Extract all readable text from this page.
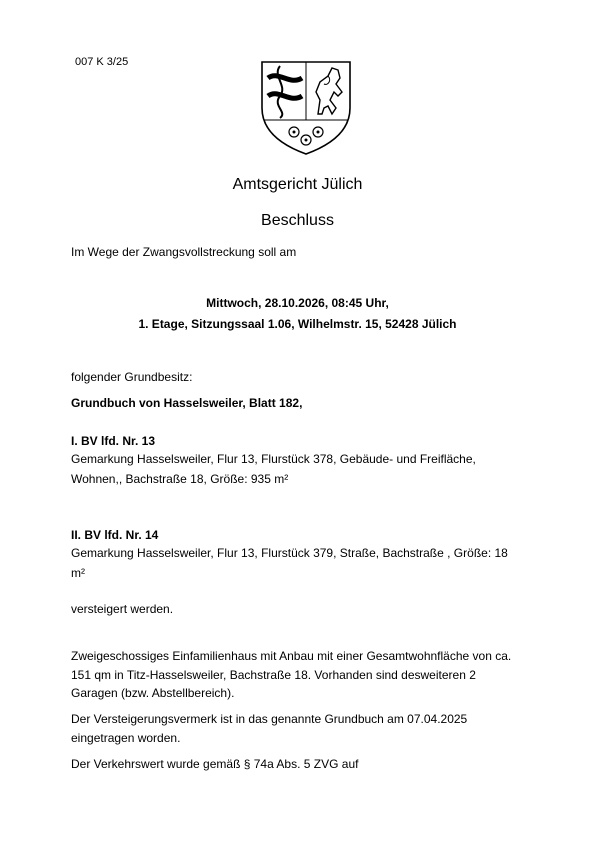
007 K 3/25
Amtsgericht Jülich
Beschluss
Im Wege der Zwangsvollstreckung soll am
Mittwoch, 28.10.2026, 08:45 Uhr,
1. Etage, Sitzungssaal 1.06, Wilhelmstr. 15, 52428 Jülich
folgender Grundbesitz:
Grundbuch von Hasselsweiler, Blatt 182,
I. BV lfd. Nr. 13
Gemarkung Hasselsweiler, Flur 13, Flurstück 378, Gebäude- und Freifläche,
Wohnen,, Bachstraße 18, Größe: 935 m²
II. BV lfd. Nr. 14
Gemarkung Hasselsweiler, Flur 13, Flurstück 379, Straße, Bachstraße , Größe: 18
m²
versteigert werden.
Zweigeschossiges Einfamilienhaus mit Anbau mit einer Gesamtwohnfläche von ca.
151 qm in Titz-Hasselsweiler, Bachstraße 18. Vorhanden sind desweiteren 2
Garagen (bzw. Abstellbereich).
Der Versteigerungsvermerk ist in das genannte Grundbuch am 07.04.2025
eingetragen worden.
Der Verkehrswert wurde gemäß § 74a Abs. 5 ZVG auf
